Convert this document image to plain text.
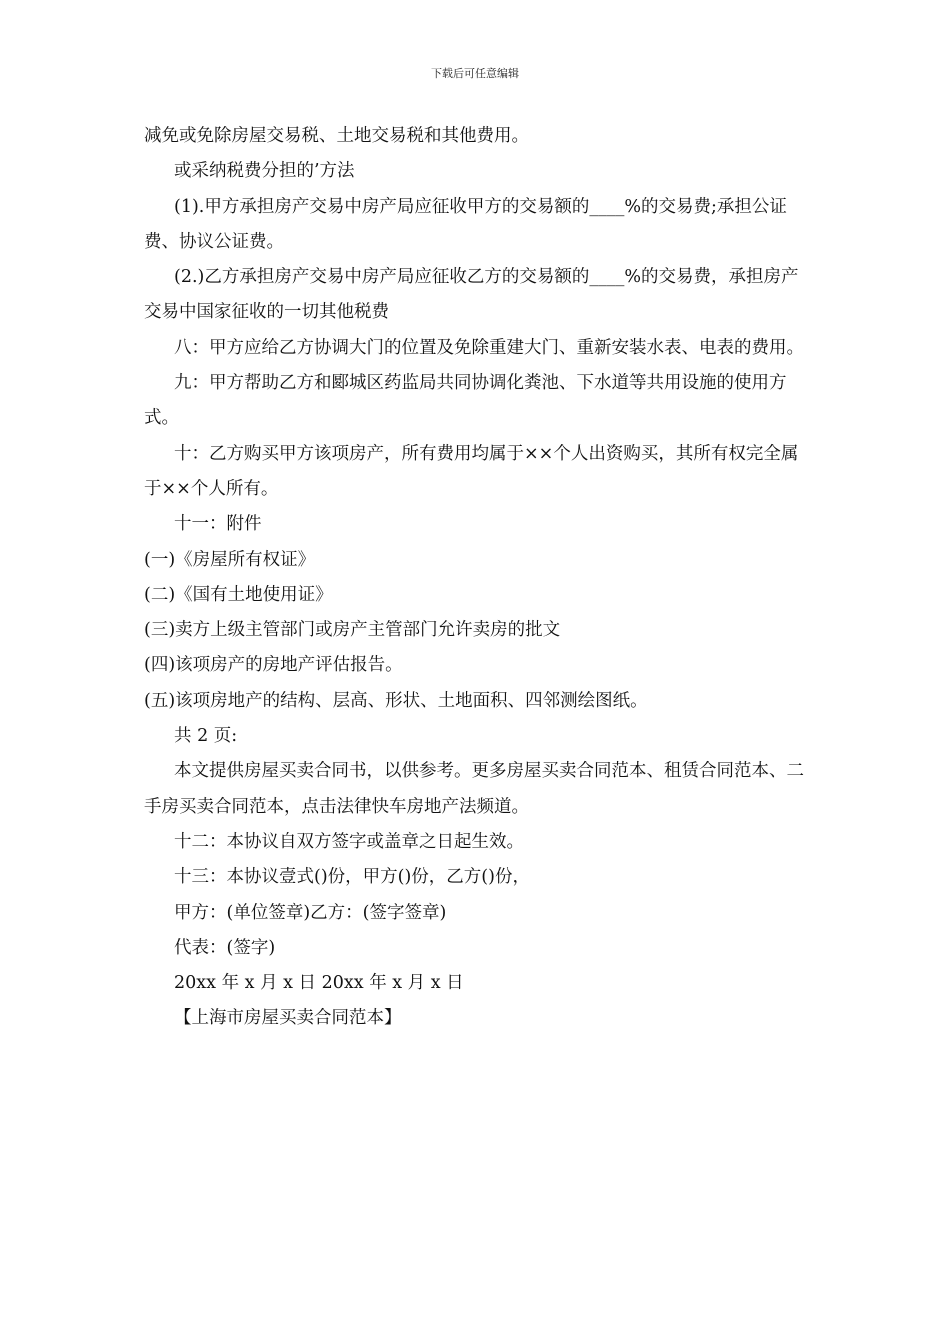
下载后可任意编辑

减免或免除房屋交易税、土地交易税和其他费用。

或采纳税费分担的’方法

(1).甲方承担房产交易中房产局应征收甲方的交易额的____%的交易费;承担公证费、协议公证费。

(2.)乙方承担房产交易中房产局应征收乙方的交易额的____%的交易费，承担房产交易中国家征收的一切其他税费

八：甲方应给乙方协调大门的位置及免除重建大门、重新安装水表、电表的费用。

九：甲方帮助乙方和郾城区药监局共同协调化粪池、下水道等共用设施的使用方式。

十：乙方购买甲方该项房产，所有费用均属于××个人出资购买，其所有权完全属于××个人所有。

十一：附件

(一)《房屋所有权证》

(二)《国有土地使用证》

(三)卖方上级主管部门或房产主管部门允许卖房的批文

(四)该项房产的房地产评估报告。

(五)该项房地产的结构、层高、形状、土地面积、四邻测绘图纸。

共 2 页:

本文提供房屋买卖合同书，以供参考。更多房屋买卖合同范本、租赁合同范本、二手房买卖合同范本，点击法律快车房地产法频道。

十二：本协议自双方签字或盖章之日起生效。

十三：本协议壹式()份，甲方()份，乙方()份，

甲方：(单位签章)乙方：(签字签章)

代表：(签字)

20xx 年 x 月 x 日 20xx 年 x 月 x 日

【上海市房屋买卖合同范本】
